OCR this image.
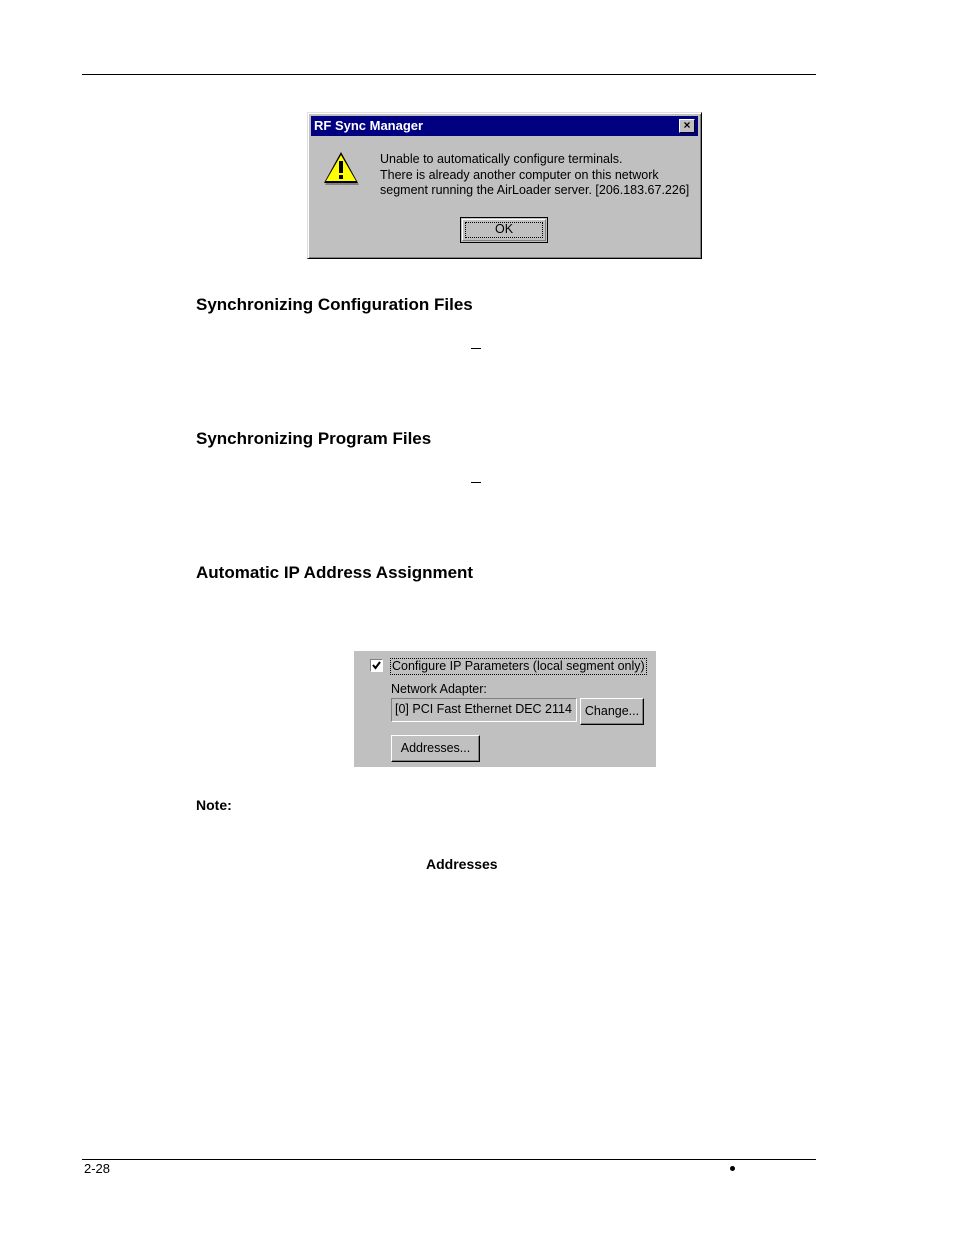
RF Sync Manager	×
Unable to automatically configure terminals.
There is already another computer on this network
segment running the AirLoader server. [206.183.67.226]
OK
Synchronizing Configuration Files
Synchronizing Program Files
Automatic IP Address Assignment
Configure IP Parameters (local segment only)
Network Adapter:
[0] PCI Fast Ethernet DEC 2114	Change...
Addresses...
Note:
Addresses
2-28
